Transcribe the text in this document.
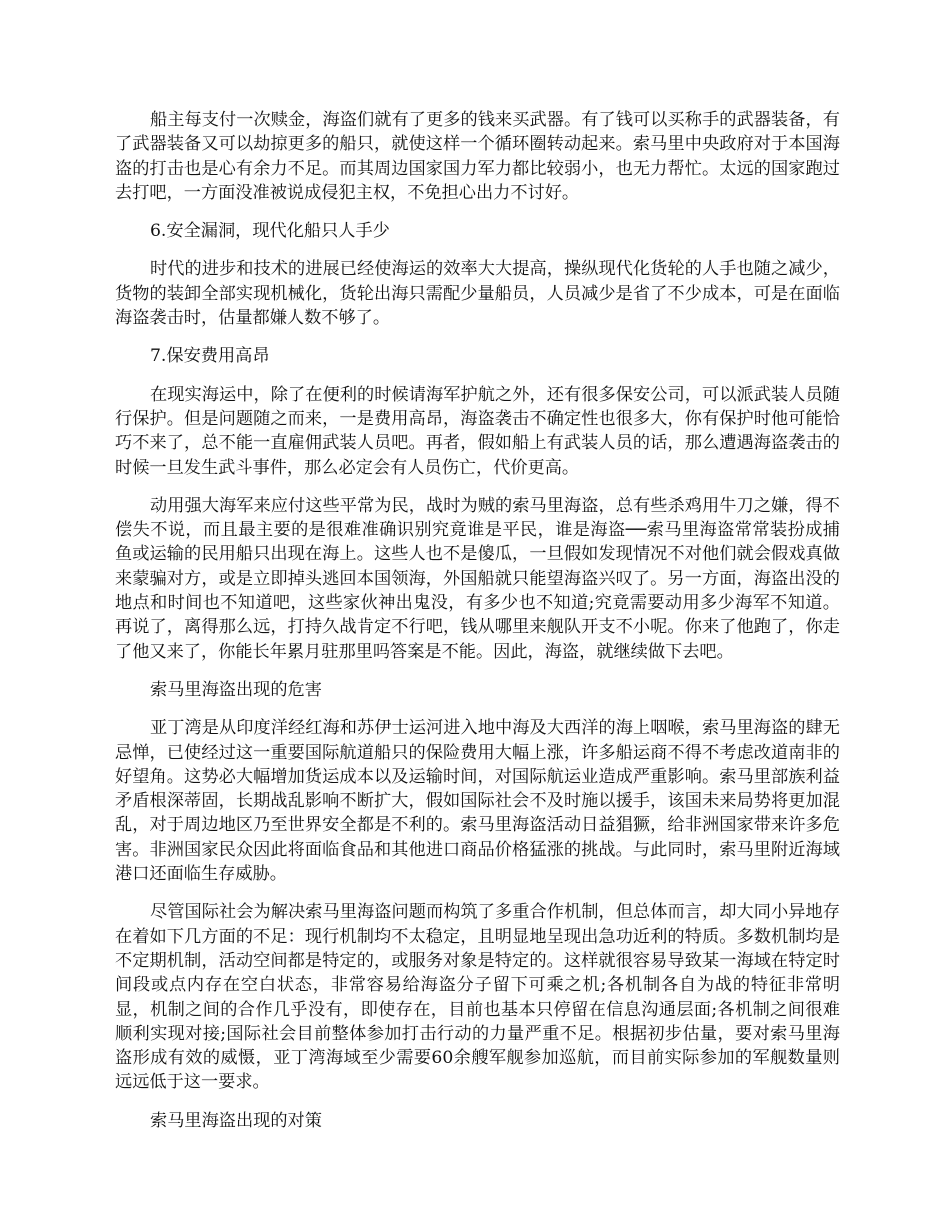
船主每支付一次赎金，海盗们就有了更多的钱来买武器。有了钱可以买称手的武器装备，有了武器装备又可以劫掠更多的船只，就使这样一个循环圈转动起来。索马里中央政府对于本国海盗的打击也是心有余力不足。而其周边国家国力军力都比较弱小，也无力帮忙。太远的国家跑过去打吧，一方面没准被说成侵犯主权，不免担心出力不讨好。

6.安全漏洞，现代化船只人手少

时代的进步和技术的进展已经使海运的效率大大提高，操纵现代化货轮的人手也随之减少，货物的装卸全部实现机械化，货轮出海只需配少量船员，人员减少是省了不少成本，可是在面临海盗袭击时，估量都嫌人数不够了。

7.保安费用高昂

在现实海运中，除了在便利的时候请海军护航之外，还有很多保安公司，可以派武装人员随行保护。但是问题随之而来，一是费用高昂，海盗袭击不确定性也很多大，你有保护时他可能恰巧不来了，总不能一直雇佣武装人员吧。再者，假如船上有武装人员的话，那么遭遇海盗袭击的时候一旦发生武斗事件，那么必定会有人员伤亡，代价更高。

动用强大海军来应付这些平常为民，战时为贼的索马里海盗，总有些杀鸡用牛刀之嫌，得不偿失不说，而且最主要的是很难准确识别究竟谁是平民，谁是海盗──索马里海盗常常装扮成捕鱼或运输的民用船只出现在海上。这些人也不是傻瓜，一旦假如发现情况不对他们就会假戏真做来蒙骗对方，或是立即掉头逃回本国领海，外国船就只能望海盗兴叹了。另一方面，海盗出没的地点和时间也不知道吧，这些家伙神出鬼没，有多少也不知道;究竟需要动用多少海军不知道。再说了，离得那么远，打持久战肯定不行吧，钱从哪里来舰队开支不小呢。你来了他跑了，你走了他又来了，你能长年累月驻那里吗答案是不能。因此，海盗，就继续做下去吧。

索马里海盗出现的危害

亚丁湾是从印度洋经红海和苏伊士运河进入地中海及大西洋的海上咽喉，索马里海盗的肆无忌惮，已使经过这一重要国际航道船只的保险费用大幅上涨，许多船运商不得不考虑改道南非的好望角。这势必大幅增加货运成本以及运输时间，对国际航运业造成严重影响。索马里部族利益矛盾根深蒂固，长期战乱影响不断扩大，假如国际社会不及时施以援手，该国未来局势将更加混乱，对于周边地区乃至世界安全都是不利的。索马里海盗活动日益猖獗，给非洲国家带来许多危害。非洲国家民众因此将面临食品和其他进口商品价格猛涨的挑战。与此同时，索马里附近海域港口还面临生存威胁。

尽管国际社会为解决索马里海盗问题而构筑了多重合作机制，但总体而言，却大同小异地存在着如下几方面的不足：现行机制均不太稳定，且明显地呈现出急功近利的特质。多数机制均是不定期机制，活动空间都是特定的，或服务对象是特定的。这样就很容易导致某一海域在特定时间段或点内存在空白状态，非常容易给海盗分子留下可乘之机;各机制各自为战的特征非常明显，机制之间的合作几乎没有，即使存在，目前也基本只停留在信息沟通层面;各机制之间很难顺利实现对接;国际社会目前整体参加打击行动的力量严重不足。根据初步估量，要对索马里海盗形成有效的威慑，亚丁湾海域至少需要60余艘军舰参加巡航，而目前实际参加的军舰数量则远远低于这一要求。

索马里海盗出现的对策
